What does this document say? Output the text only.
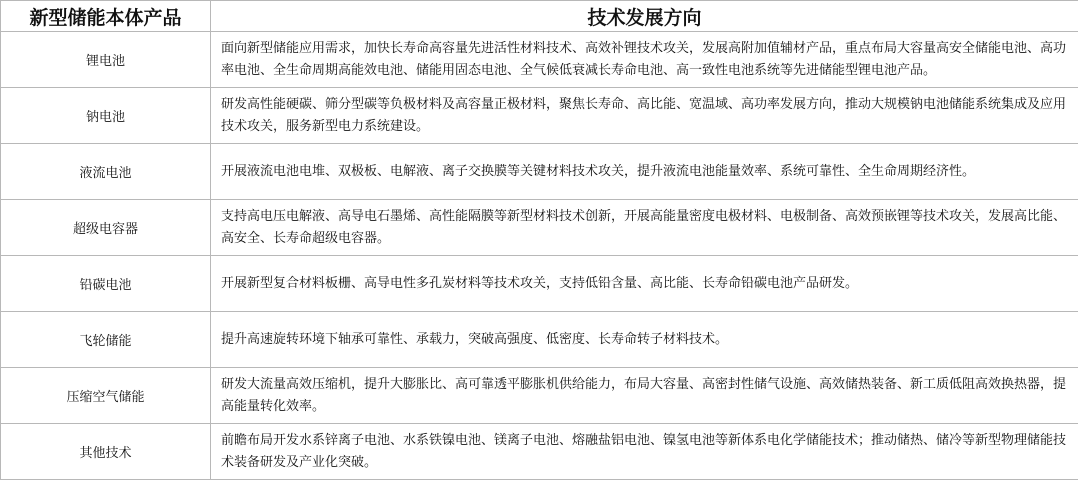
新型储能本体产品	技术发展方向
锂电池	面向新型储能应用需求，加快长寿命高容量先进活性材料技术、高效补锂技术攻关，发展高附加值辅材产品，重点布局大容量高安全储能电池、高功率电池、全生命周期高能效电池、储能用固态电池、全气候低衰减长寿命电池、高一致性电池系统等先进储能型锂电池产品。
钠电池	研发高性能硬碳、筛分型碳等负极材料及高容量正极材料，聚焦长寿命、高比能、宽温域、高功率发展方向，推动大规模钠电池储能系统集成及应用技术攻关，服务新型电力系统建设。
液流电池	开展液流电池电堆、双极板、电解液、离子交换膜等关键材料技术攻关，提升液流电池能量效率、系统可靠性、全生命周期经济性。
超级电容器	支持高电压电解液、高导电石墨烯、高性能隔膜等新型材料技术创新，开展高能量密度电极材料、电极制备、高效预嵌锂等技术攻关，发展高比能、高安全、长寿命超级电容器。
铅碳电池	开展新型复合材料板栅、高导电性多孔炭材料等技术攻关，支持低铅含量、高比能、长寿命铅碳电池产品研发。
飞轮储能	提升高速旋转环境下轴承可靠性、承载力，突破高强度、低密度、长寿命转子材料技术。
压缩空气储能	研发大流量高效压缩机，提升大膨胀比、高可靠透平膨胀机供给能力，布局大容量、高密封性储气设施、高效储热装备、新工质低阻高效换热器，提高能量转化效率。
其他技术	前瞻布局开发水系锌离子电池、水系铁镍电池、镁离子电池、熔融盐铝电池、镍氢电池等新体系电化学储能技术；推动储热、储冷等新型物理储能技术装备研发及产业化突破。
